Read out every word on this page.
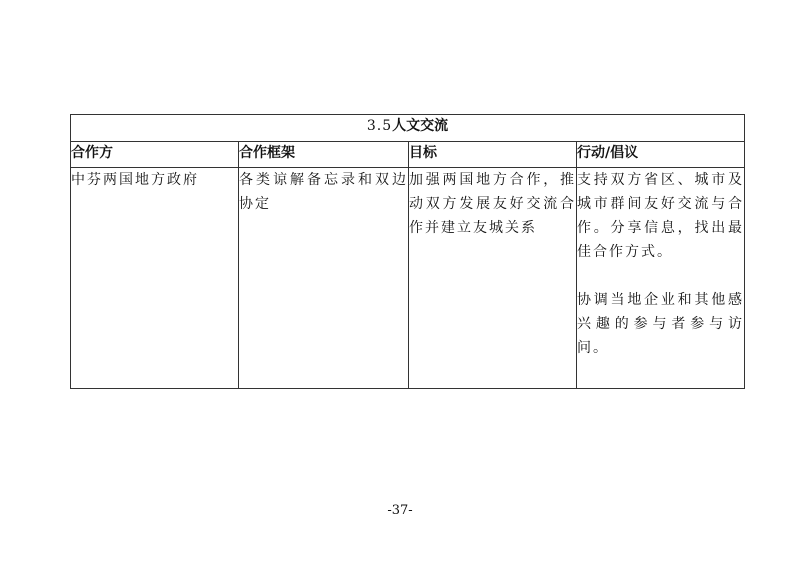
3.5人文交流			
合作方	合作框架	目标	行动/倡议

中芬两国地方政府	各类谅解备忘录和双边协定	加强两国地方合作，推动双方发展友好交流合作并建立友城关系	支持双方省区、城市及城市群间友好交流与合作。分享信息，找出最佳合作方式。

协调当地企业和其他感兴趣的参与者参与访问。

-37-
